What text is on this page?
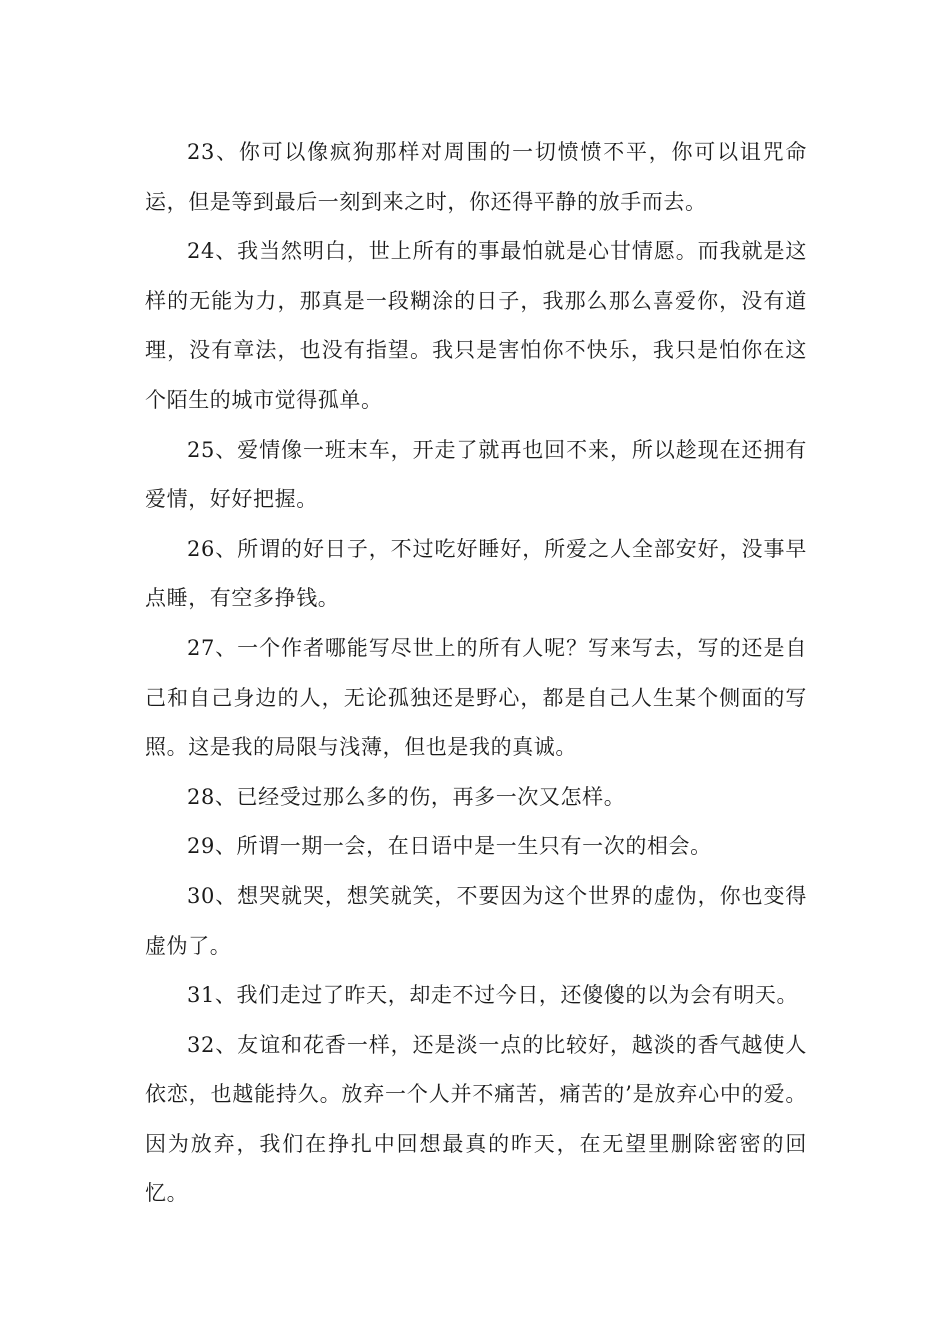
23、你可以像疯狗那样对周围的一切愤愤不平，你可以诅咒命运，但是等到最后一刻到来之时，你还得平静的放手而去。

24、我当然明白，世上所有的事最怕就是心甘情愿。而我就是这样的无能为力，那真是一段糊涂的日子，我那么那么喜爱你，没有道理，没有章法，也没有指望。我只是害怕你不快乐，我只是怕你在这个陌生的城市觉得孤单。

25、爱情像一班末车，开走了就再也回不来，所以趁现在还拥有爱情，好好把握。

26、所谓的好日子，不过吃好睡好，所爱之人全部安好，没事早点睡，有空多挣钱。

27、一个作者哪能写尽世上的所有人呢？写来写去，写的还是自己和自己身边的人，无论孤独还是野心，都是自己人生某个侧面的写照。这是我的局限与浅薄，但也是我的真诚。

28、已经受过那么多的伤，再多一次又怎样。

29、所谓一期一会，在日语中是一生只有一次的相会。

30、想哭就哭，想笑就笑，不要因为这个世界的虚伪，你也变得虚伪了。

31、我们走过了昨天，却走不过今日，还傻傻的以为会有明天。

32、友谊和花香一样，还是淡一点的比较好，越淡的香气越使人依恋，也越能持久。放弃一个人并不痛苦，痛苦的’是放弃心中的爱。因为放弃，我们在挣扎中回想最真的昨天，在无望里删除密密的回忆。
